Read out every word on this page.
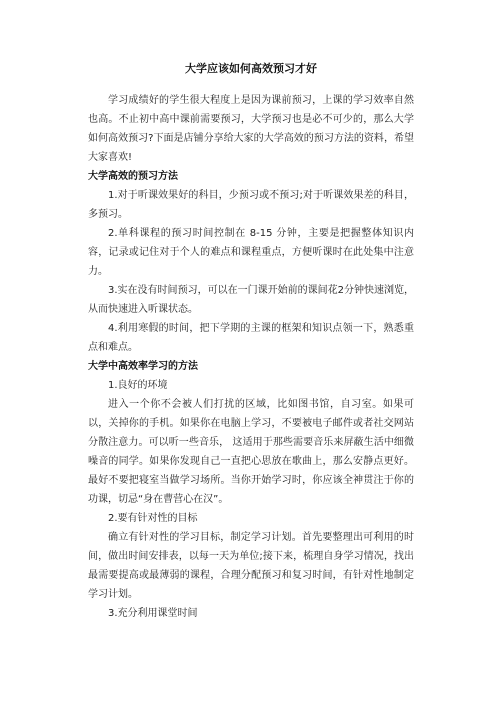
大学应该如何高效预习才好

学习成绩好的学生很大程度上是因为课前预习，上课的学习效率自然也高。不止初中高中课前需要预习，大学预习也是必不可少的，那么大学如何高效预习?下面是店铺分享给大家的大学高效的预习方法的资料，希望大家喜欢!

大学高效的预习方法

1.对于听课效果好的科目，少预习或不预习;对于听课效果差的科目，多预习。

2.单科课程的预习时间控制在 8-15 分钟，主要是把握整体知识内容，记录或记住对于个人的难点和课程重点，方便听课时在此处集中注意力。

3.实在没有时间预习，可以在一门课开始前的课间花2分钟快速浏览，从而快速进入听课状态。

4.利用寒假的时间，把下学期的主课的框架和知识点领一下，熟悉重点和难点。

大学中高效率学习的方法

1.良好的环境

进入一个你不会被人们打扰的区域，比如图书馆，自习室。如果可以，关掉你的手机。如果你在电脑上学习，不要被电子邮件或者社交网站分散注意力。可以听一些音乐， 这适用于那些需要音乐来屏蔽生活中细微噪音的同学。如果你发现自己一直把心思放在歌曲上，那么安静点更好。最好不要把寝室当做学习场所。当你开始学习时，你应该全神贯注于你的功课，切忌“身在曹营心在汉”。

2.要有针对性的目标

确立有针对性的学习目标，制定学习计划。首先要整理出可利用的时间，做出时间安排表，以每一天为单位;接下来，梳理自身学习情况，找出最需要提高或最薄弱的课程，合理分配预习和复习时间，有针对性地制定学习计划。

3.充分利用课堂时间
